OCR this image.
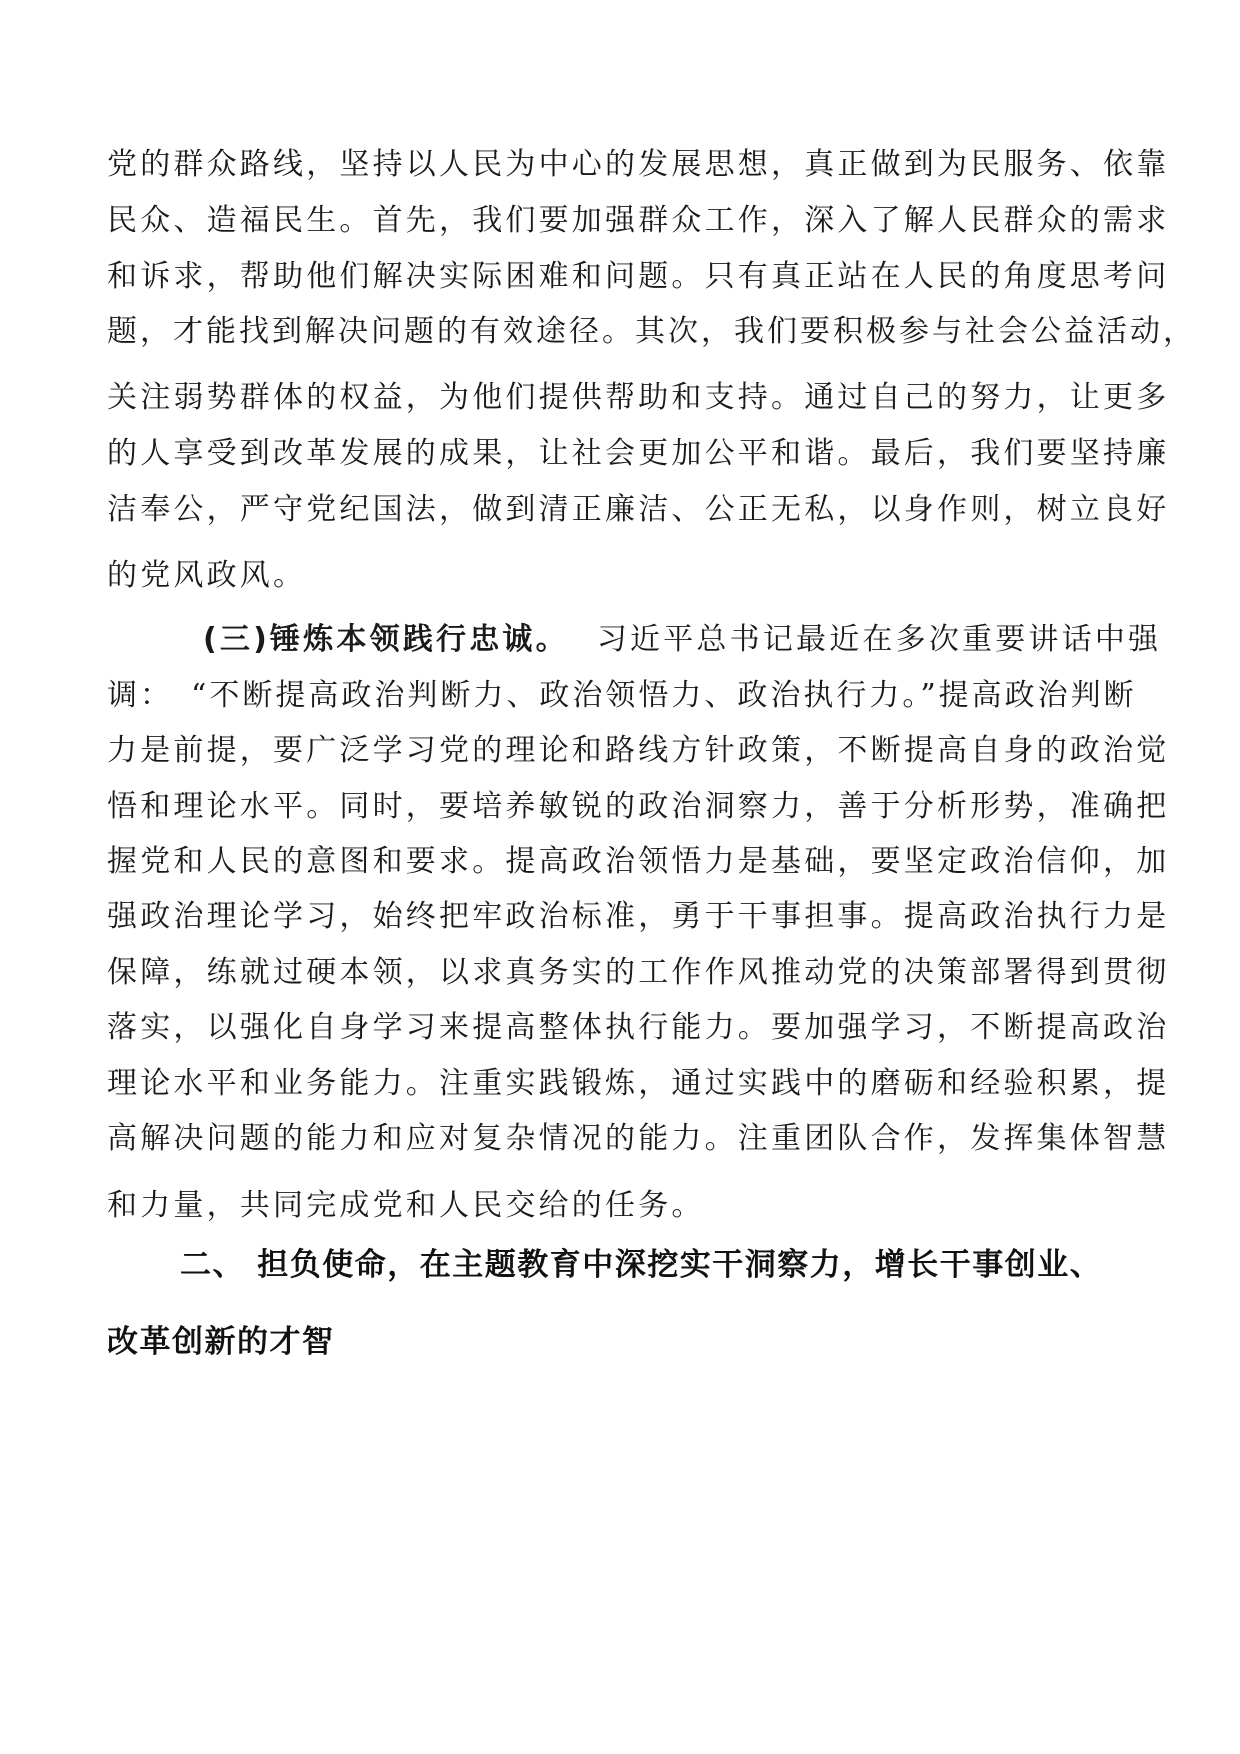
党的群众路线，坚持以人民为中心的发展思想，真正做到为民服务、依靠

民众、造福民生。首先，我们要加强群众工作，深入了解人民群众的需求

和诉求，帮助他们解决实际困难和问题。只有真正站在人民的角度思考问

题，才能找到解决问题的有效途径。其次，我们要积极参与社会公益活动，

关注弱势群体的权益，为他们提供帮助和支持。通过自己的努力，让更多

的人享受到改革发展的成果，让社会更加公平和谐。最后，我们要坚持廉

洁奉公，严守党纪国法，做到清正廉洁、公正无私，以身作则，树立良好

的党风政风。

(三)锤炼本领践行忠诚。 习近平总书记最近在多次重要讲话中强

调：　“不断提高政治判断力、政治领悟力、政治执行力。”提高政治判断

力是前提，要广泛学习党的理论和路线方针政策，不断提高自身的政治觉

悟和理论水平。同时，要培养敏锐的政治洞察力，善于分析形势，准确把

握党和人民的意图和要求。提高政治领悟力是基础，要坚定政治信仰，加

强政治理论学习，始终把牢政治标准，勇于干事担事。提高政治执行力是

保障，练就过硬本领，以求真务实的工作作风推动党的决策部署得到贯彻

落实，以强化自身学习来提高整体执行能力。要加强学习，不断提高政治

理论水平和业务能力。注重实践锻炼，通过实践中的磨砺和经验积累，提

高解决问题的能力和应对复杂情况的能力。注重团队合作，发挥集体智慧

和力量，共同完成党和人民交给的任务。

二、 担负使命，在主题教育中深挖实干洞察力，增长干事创业、
改革创新的才智
